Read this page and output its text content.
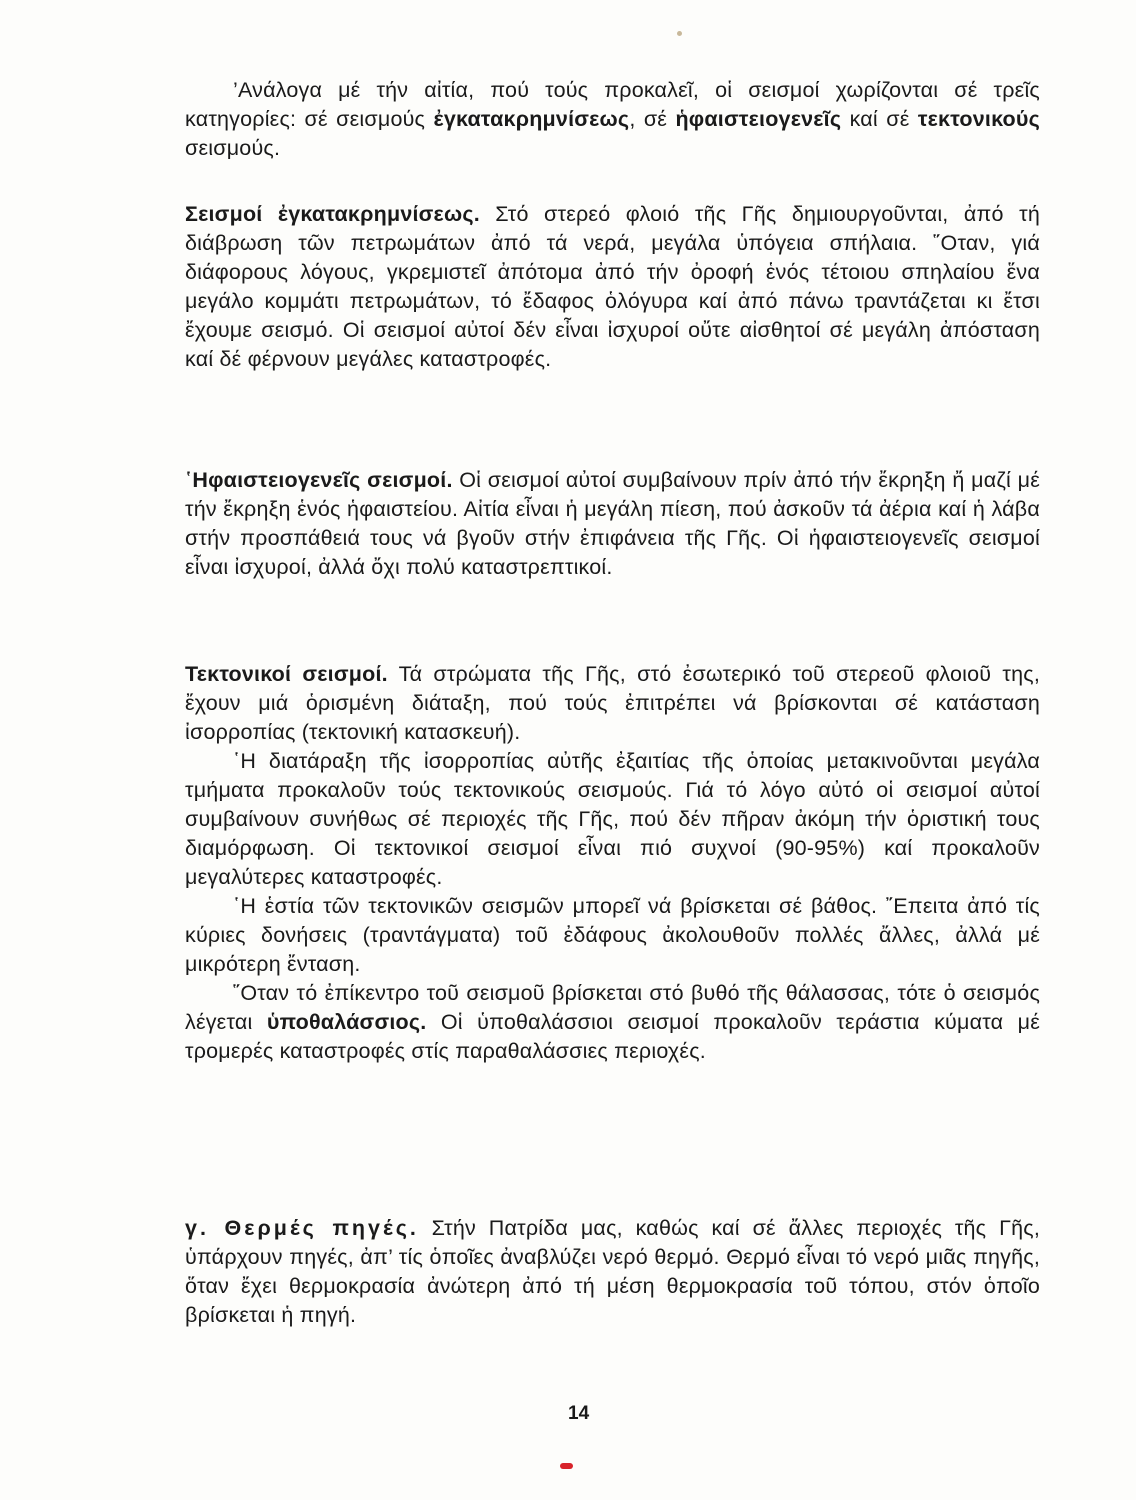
’Ανάλογα μέ τήν αἰτία, πού τούς προκαλεῖ, οἱ σεισμοί χωρίζονται σέ τρεῖς κατηγορίες: σέ σεισμούς ἐγκατακρημνίσεως, σέ ἡφαιστειογενεῖς καί σέ τεκτονικούς σεισμούς.

Σεισμοί ἐγκατακρημνίσεως. Στό στερεό φλοιό τῆς Γῆς δημιουργοῦνται, ἀπό τή διάβρωση τῶν πετρωμάτων ἀπό τά νερά, μεγάλα ὑπόγεια σπήλαια. ῞Οταν, γιά διάφορους λόγους, γκρεμιστεῖ ἀπότομα ἀπό τήν ὀροφή ἑνός τέτοιου σπηλαίου ἕνα μεγάλο κομμάτι πετρωμάτων, τό ἔδαφος ὁλόγυρα καί ἀπό πάνω τραντάζεται κι ἔτσι ἔχουμε σεισμό. Οἱ σεισμοί αὐτοί δέν εἶναι ἰσχυροί οὔτε αἰσθητοί σέ μεγάλη ἀπόσταση καί δέ φέρνουν μεγάλες καταστροφές.

῾Ηφαιστειογενεῖς σεισμοί. Οἱ σεισμοί αὐτοί συμβαίνουν πρίν ἀπό τήν ἔκρηξη ἤ μαζί μέ τήν ἔκρηξη ἑνός ἡφαιστείου. Αἰτία εἶναι ἡ μεγάλη πίεση, πού ἀσκοῦν τά ἀέρια καί ἡ λάβα στήν προσπάθειά τους νά βγοῦν στήν ἐπιφάνεια τῆς Γῆς. Οἱ ἡφαιστειογενεῖς σεισμοί εἶναι ἰσχυροί, ἀλλά ὄχι πολύ καταστρεπτικοί.

Τεκτονικοί σεισμοί. Τά στρώματα τῆς Γῆς, στό ἐσωτερικό τοῦ στερεοῦ φλοιοῦ της, ἔχουν μιά ὁρισμένη διάταξη, πού τούς ἐπιτρέπει νά βρίσκονται σέ κατάσταση ἰσορροπίας (τεκτονική κατασκευή).

῾Η διατάραξη τῆς ἰσορροπίας αὐτῆς ἐξαιτίας τῆς ὁποίας μετακινοῦνται μεγάλα τμήματα προκαλοῦν τούς τεκτονικούς σεισμούς. Γιά τό λόγο αὐτό οἱ σεισμοί αὐτοί συμβαίνουν συνήθως σέ περιοχές τῆς Γῆς, πού δέν πῆραν ἀκόμη τήν ὁριστική τους διαμόρφωση. Οἱ τεκτονικοί σεισμοί εἶναι πιό συχνοί (90-95%) καί προκαλοῦν μεγαλύτερες καταστροφές.

῾Η ἑστία τῶν τεκτονικῶν σεισμῶν μπορεῖ νά βρίσκεται σέ βάθος. ῎Επειτα ἀπό τίς κύριες δονήσεις (τραντάγματα) τοῦ ἐδάφους ἀκολουθοῦν πολλές ἄλλες, ἀλλά μέ μικρότερη ἔνταση.

῞Οταν τό ἐπίκεντρο τοῦ σεισμοῦ βρίσκεται στό βυθό τῆς θάλασσας, τότε ὁ σεισμός λέγεται ὑποθαλάσσιος. Οἱ ὑποθαλάσσιοι σεισμοί προκαλοῦν τεράστια κύματα μέ τρομερές καταστροφές στίς παραθαλάσσιες περιοχές.

γ. Θερμές πηγές. Στήν Πατρίδα μας, καθώς καί σέ ἄλλες περιοχές τῆς Γῆς, ὑπάρχουν πηγές, ἀπ’ τίς ὁποῖες ἀναβλύζει νερό θερμό. Θερμό εἶναι τό νερό μιᾶς πηγῆς, ὅταν ἔχει θερμοκρασία ἀνώτερη ἀπό τή μέση θερμοκρασία τοῦ τόπου, στόν ὁποῖο βρίσκεται ἡ πηγή.

14
